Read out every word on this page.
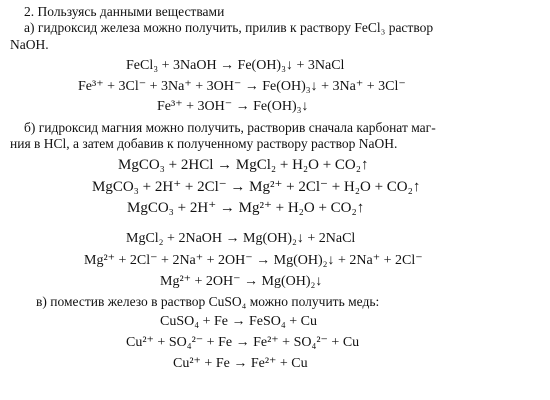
2. Пользуясь данными веществами
а) гидроксид железа можно получить, прилив к раствору FeCl₃ раствор
NaOH.
FeCl₃ + 3NaOH → Fe(OH)₃↓ + 3NaCl
Fe³⁺ + 3Cl⁻ + 3Na⁺ + 3OH⁻ → Fe(OH)₃↓ + 3Na⁺ + 3Cl⁻
Fe³⁺ + 3OH⁻ → Fe(OH)₃↓
б) гидроксид магния можно получить, растворив сначала карбонат маг-
ния в HCl, а затем добавив к полученному раствору раствор NaOH.
MgCO₃ + 2HCl → MgCl₂ + H₂O + CO₂↑
MgCO₃ + 2H⁺ + 2Cl⁻ → Mg²⁺ + 2Cl⁻ + H₂O + CO₂↑
MgCO₃ + 2H⁺ → Mg²⁺ + H₂O + CO₂↑
MgCl₂ + 2NaOH → Mg(OH)₂↓ + 2NaCl
Mg²⁺ + 2Cl⁻ + 2Na⁺ + 2OH⁻ → Mg(OH)₂↓ + 2Na⁺ + 2Cl⁻
Mg²⁺ + 2OH⁻ → Mg(OH)₂↓
в) поместив железо в раствор CuSO₄ можно получить медь:
CuSO₄ + Fe → FeSO₄ + Cu
Cu²⁺ + SO₄²⁻ + Fe → Fe²⁺ + SO₄²⁻ + Cu
Cu²⁺ + Fe → Fe²⁺ + Cu
